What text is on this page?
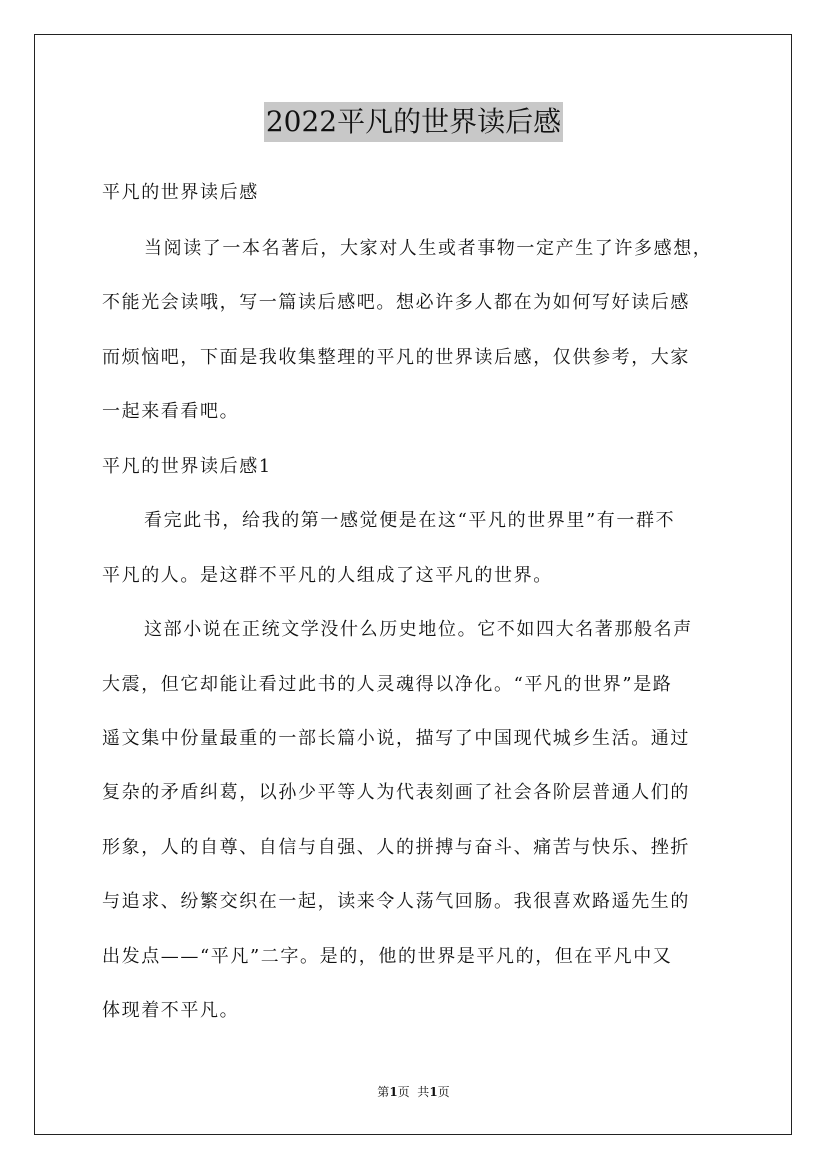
2022平凡的世界读后感
平凡的世界读后感
当阅读了一本名著后，大家对人生或者事物一定产生了许多感想，
不能光会读哦，写一篇读后感吧。想必许多人都在为如何写好读后感
而烦恼吧，下面是我收集整理的平凡的世界读后感，仅供参考，大家
一起来看看吧。
平凡的世界读后感1
看完此书，给我的第一感觉便是在这“平凡的世界里”有一群不
平凡的人。是这群不平凡的人组成了这平凡的世界。
这部小说在正统文学没什么历史地位。它不如四大名著那般名声
大震，但它却能让看过此书的人灵魂得以净化。“平凡的世界”是路
遥文集中份量最重的一部长篇小说，描写了中国现代城乡生活。通过
复杂的矛盾纠葛，以孙少平等人为代表刻画了社会各阶层普通人们的
形象，人的自尊、自信与自强、人的拼搏与奋斗、痛苦与快乐、挫折
与追求、纷繁交织在一起，读来令人荡气回肠。我很喜欢路遥先生的
出发点——“平凡”二字。是的，他的世界是平凡的，但在平凡中又
体现着不平凡。
第1页  共1页
